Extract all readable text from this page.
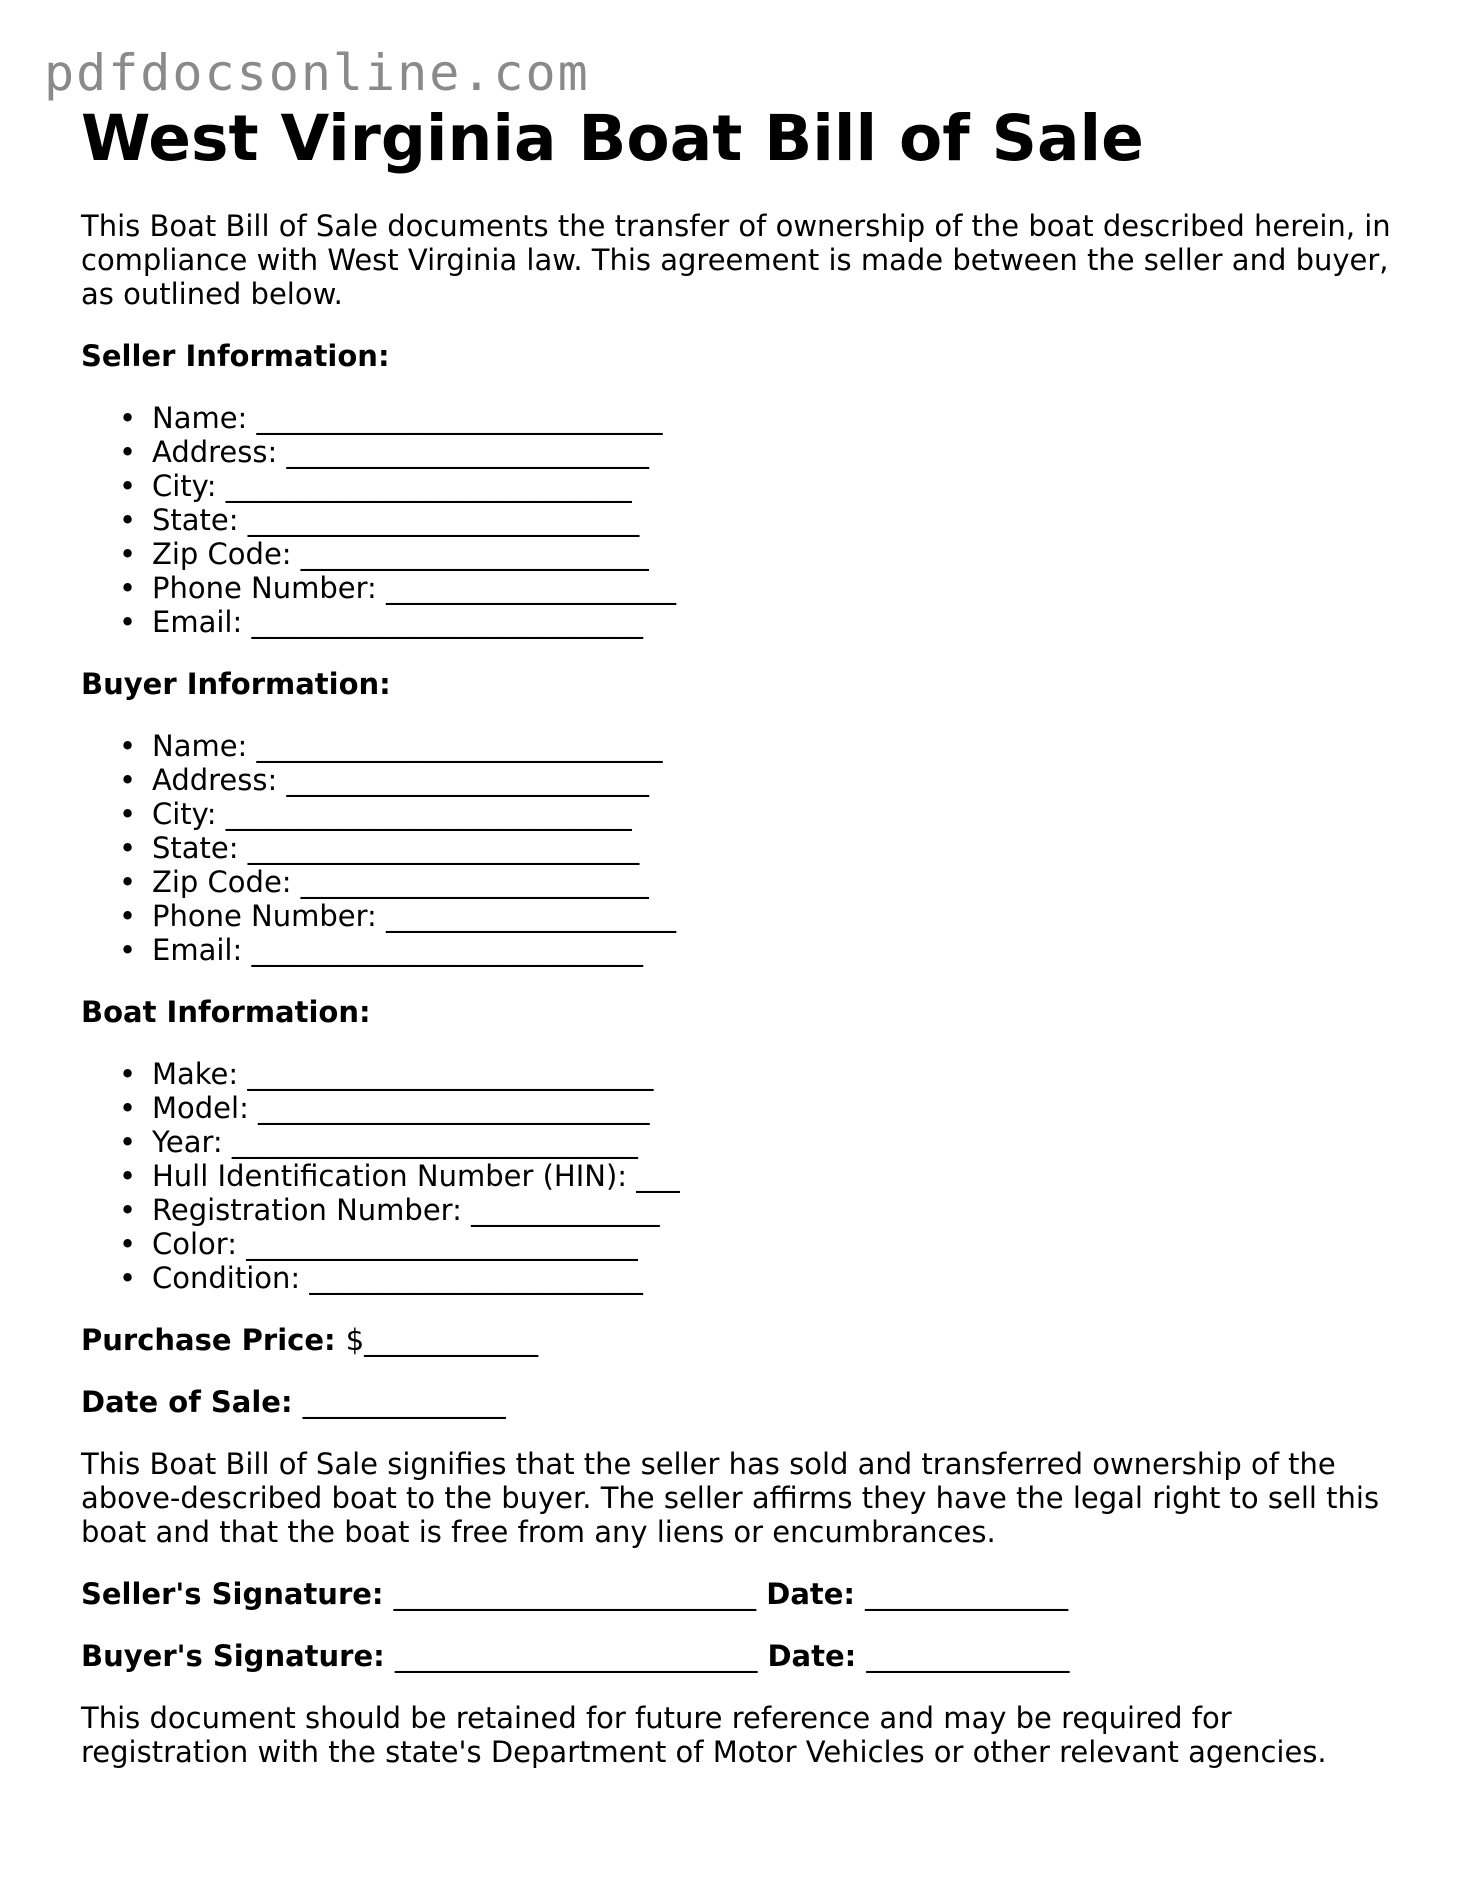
pdfdocsonline.com
West Virginia Boat Bill of Sale

This Boat Bill of Sale documents the transfer of ownership of the boat described herein, in compliance with West Virginia law. This agreement is made between the seller and buyer, as outlined below.

Seller Information:
• Name: ____________________________
• Address: _________________________
• City: ____________________________
• State: ___________________________
• Zip Code: ________________________
• Phone Number: ____________________
• Email: ___________________________
Buyer Information:
• Name: ____________________________
• Address: _________________________
• City: ____________________________
• State: ___________________________
• Zip Code: ________________________
• Phone Number: ____________________
• Email: ___________________________
Boat Information:
• Make: ____________________________
• Model: ___________________________
• Year: ____________________________
• Hull Identification Number (HIN): ___
• Registration Number: _____________
• Color: ___________________________
• Condition: _______________________
Purchase Price: $____________
Date of Sale: ______________

This Boat Bill of Sale signifies that the seller has sold and transferred ownership of the above-described boat to the buyer. The seller affirms they have the legal right to sell this boat and that the boat is free from any liens or encumbrances.

Seller's Signature: _________________________ Date: ______________
Buyer's Signature: _________________________ Date: ______________

This document should be retained for future reference and may be required for registration with the state's Department of Motor Vehicles or other relevant agencies.
